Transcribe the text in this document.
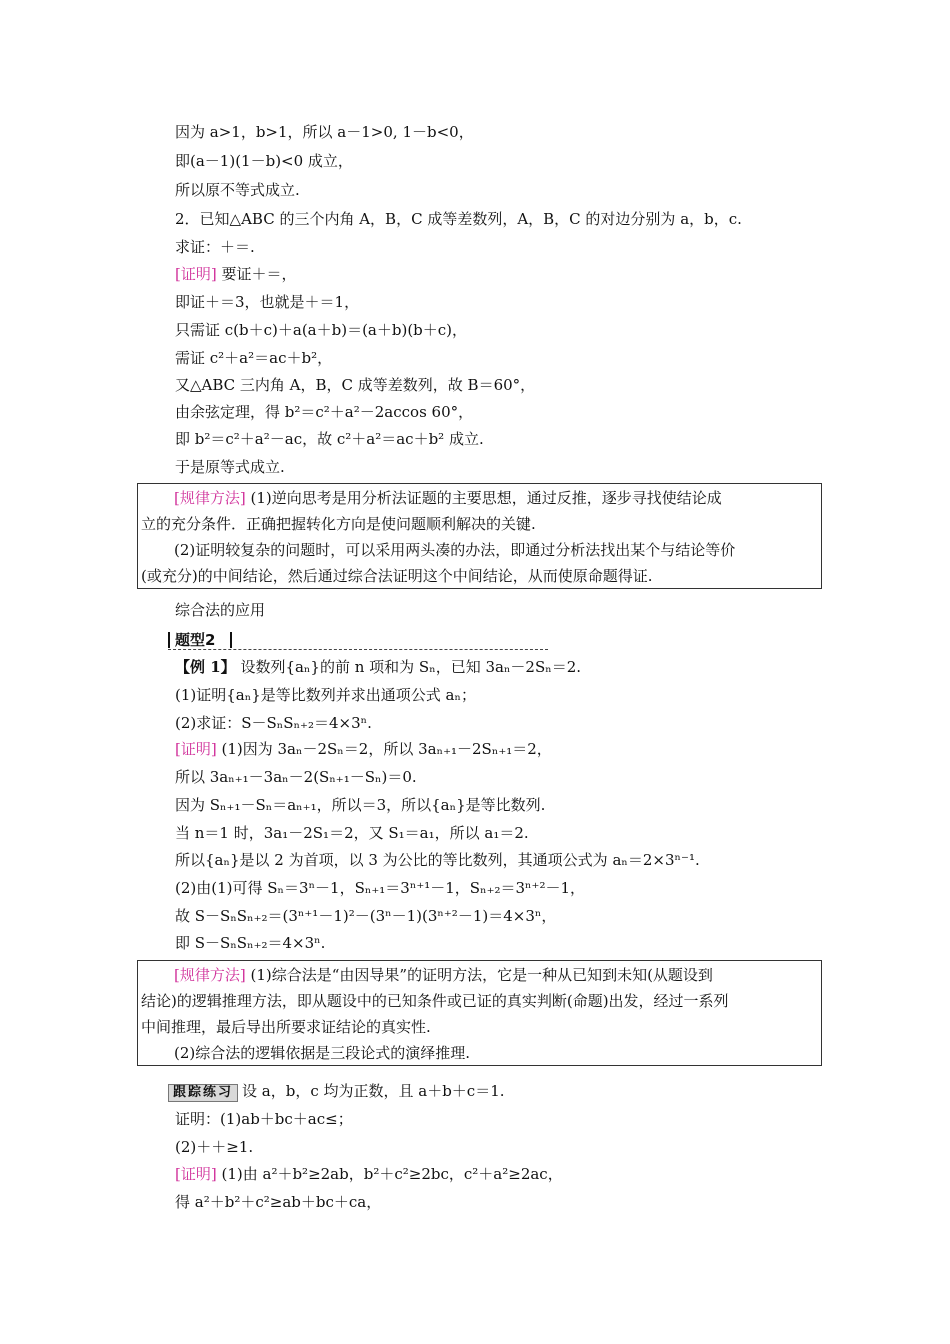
因为 a>1，b>1，所以 a－1>0, 1－b<0，
即(a－1)(1－b)<0 成立，
所以原不等式成立.
2．已知△ABC 的三个内角 A，B，C 成等差数列，A，B，C 的对边分别为 a，b，c.
求证：＋＝.
[证明] 要证＋＝，
即证＋＝3，也就是＋＝1，
只需证 c(b＋c)＋a(a＋b)＝(a＋b)(b＋c)，
需证 c²＋a²＝ac＋b²，
又△ABC 三内角 A，B，C 成等差数列，故 B＝60°，
由余弦定理，得 b²＝c²＋a²－2accos 60°，
即 b²＝c²＋a²－ac，故 c²＋a²＝ac＋b² 成立.
于是原等式成立.
[规律方法] (1)逆向思考是用分析法证题的主要思想，通过反推，逐步寻找使结论成
立的充分条件．正确把握转化方向是使问题顺利解决的关键.
(2)证明较复杂的问题时，可以采用两头凑的办法，即通过分析法找出某个与结论等价
(或充分)的中间结论，然后通过综合法证明这个中间结论，从而使原命题得证.
综合法的应用
题型2
【例 1】 设数列{aₙ}的前 n 项和为 Sₙ，已知 3aₙ－2Sₙ＝2.
(1)证明{aₙ}是等比数列并求出通项公式 aₙ；
(2)求证：S－SₙSₙ₊₂＝4×3ⁿ.
[证明] (1)因为 3aₙ－2Sₙ＝2，所以 3aₙ₊₁－2Sₙ₊₁＝2，
所以 3aₙ₊₁－3aₙ－2(Sₙ₊₁－Sₙ)＝0.
因为 Sₙ₊₁－Sₙ＝aₙ₊₁，所以＝3，所以{aₙ}是等比数列.
当 n＝1 时，3a₁－2S₁＝2，又 S₁＝a₁，所以 a₁＝2.
所以{aₙ}是以 2 为首项，以 3 为公比的等比数列，其通项公式为 aₙ＝2×3ⁿ⁻¹.
(2)由(1)可得 Sₙ＝3ⁿ－1，Sₙ₊₁＝3ⁿ⁺¹－1，Sₙ₊₂＝3ⁿ⁺²－1，
故 S－SₙSₙ₊₂＝(3ⁿ⁺¹－1)²－(3ⁿ－1)(3ⁿ⁺²－1)＝4×3ⁿ，
即 S－SₙSₙ₊₂＝4×3ⁿ.
[规律方法] (1)综合法是“由因导果”的证明方法，它是一种从已知到未知(从题设到
结论)的逻辑推理方法，即从题设中的已知条件或已证的真实判断(命题)出发，经过一系列
中间推理，最后导出所要求证结论的真实性.
(2)综合法的逻辑依据是三段论式的演绎推理.
跟踪练习 设 a，b，c 均为正数，且 a＋b＋c＝1.
证明：(1)ab＋bc＋ac≤；
(2)＋＋≥1.
[证明] (1)由 a²＋b²≥2ab，b²＋c²≥2bc，c²＋a²≥2ac，
得 a²＋b²＋c²≥ab＋bc＋ca，
